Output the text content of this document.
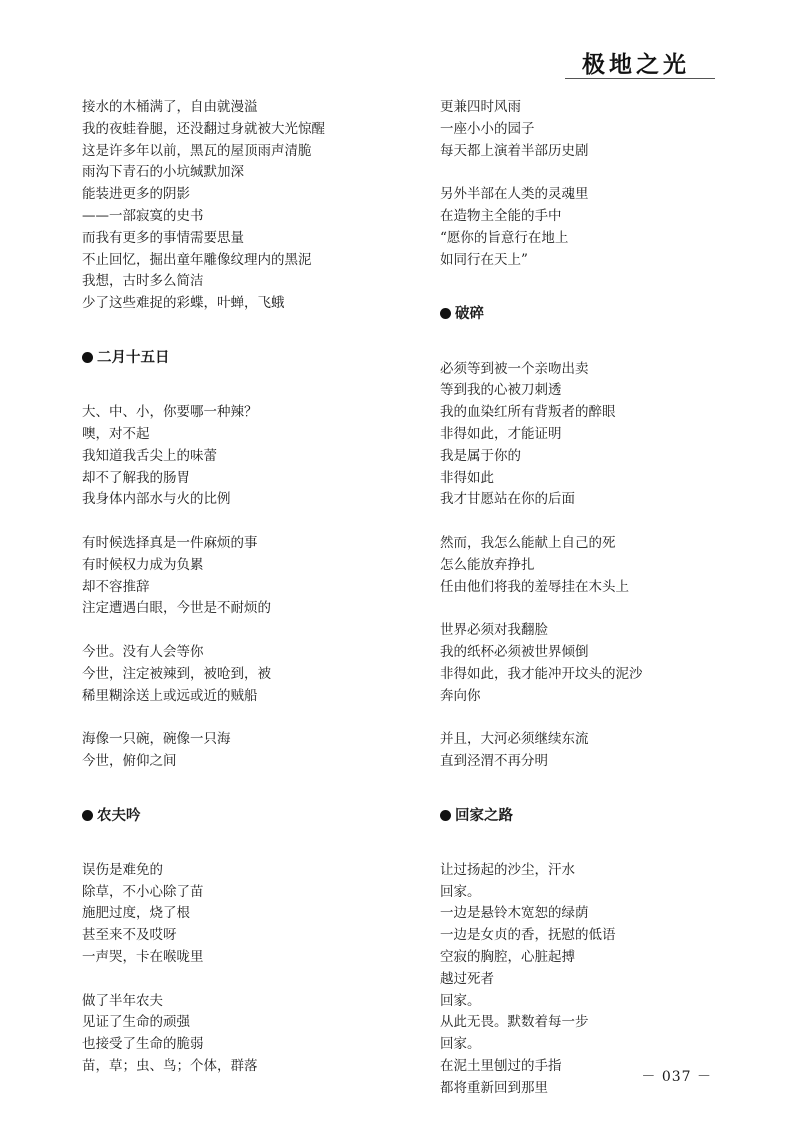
极地之光
接水的木桶满了，自由就漫溢
我的夜蛙眷腿，还没翻过身就被大光惊醒
这是许多年以前，黑瓦的屋顶雨声清脆
雨沟下青石的小坑缄默加深
能装进更多的阴影
——一部寂寞的史书
而我有更多的事情需要思量
不止回忆，掘出童年雕像纹理内的黑泥
我想，古时多么简洁
少了这些难捉的彩蝶，叶蝉，飞蛾
二月十五日
大、中、小，你要哪一种辣？
噢，对不起
我知道我舌尖上的味蕾
却不了解我的肠胃
我身体内部水与火的比例
有时候选择真是一件麻烦的事
有时候权力成为负累
却不容推辞
注定遭遇白眼，今世是不耐烦的
今世。没有人会等你
今世，注定被辣到，被呛到，被
稀里糊涂送上或远或近的贼船
海像一只碗，碗像一只海
今世，俯仰之间
农夫吟
误伤是难免的
除草，不小心除了苗
施肥过度，烧了根
甚至来不及哎呀
一声哭，卡在喉咙里
做了半年农夫
见证了生命的顽强
也接受了生命的脆弱
苗，草；虫、鸟；个体，群落
更兼四时风雨
一座小小的园子
每天都上演着半部历史剧
另外半部在人类的灵魂里
在造物主全能的手中
“愿你的旨意行在地上
如同行在天上”
破碎
必须等到被一个亲吻出卖
等到我的心被刀刺透
我的血染红所有背叛者的醉眼
非得如此，才能证明
我是属于你的
非得如此
我才甘愿站在你的后面
然而，我怎么能献上自己的死
怎么能放弃挣扎
任由他们将我的羞辱挂在木头上
世界必须对我翻脸
我的纸杯必须被世界倾倒
非得如此，我才能冲开坟头的泥沙
奔向你
并且，大河必须继续东流
直到泾渭不再分明
回家之路
让过扬起的沙尘，汗水
回家。
一边是悬铃木宽恕的绿荫
一边是女贞的香，抚慰的低语
空寂的胸腔，心脏起搏
越过死者
回家。
从此无畏。默数着每一步
回家。
在泥土里刨过的手指
都将重新回到那里
－ 037 －
